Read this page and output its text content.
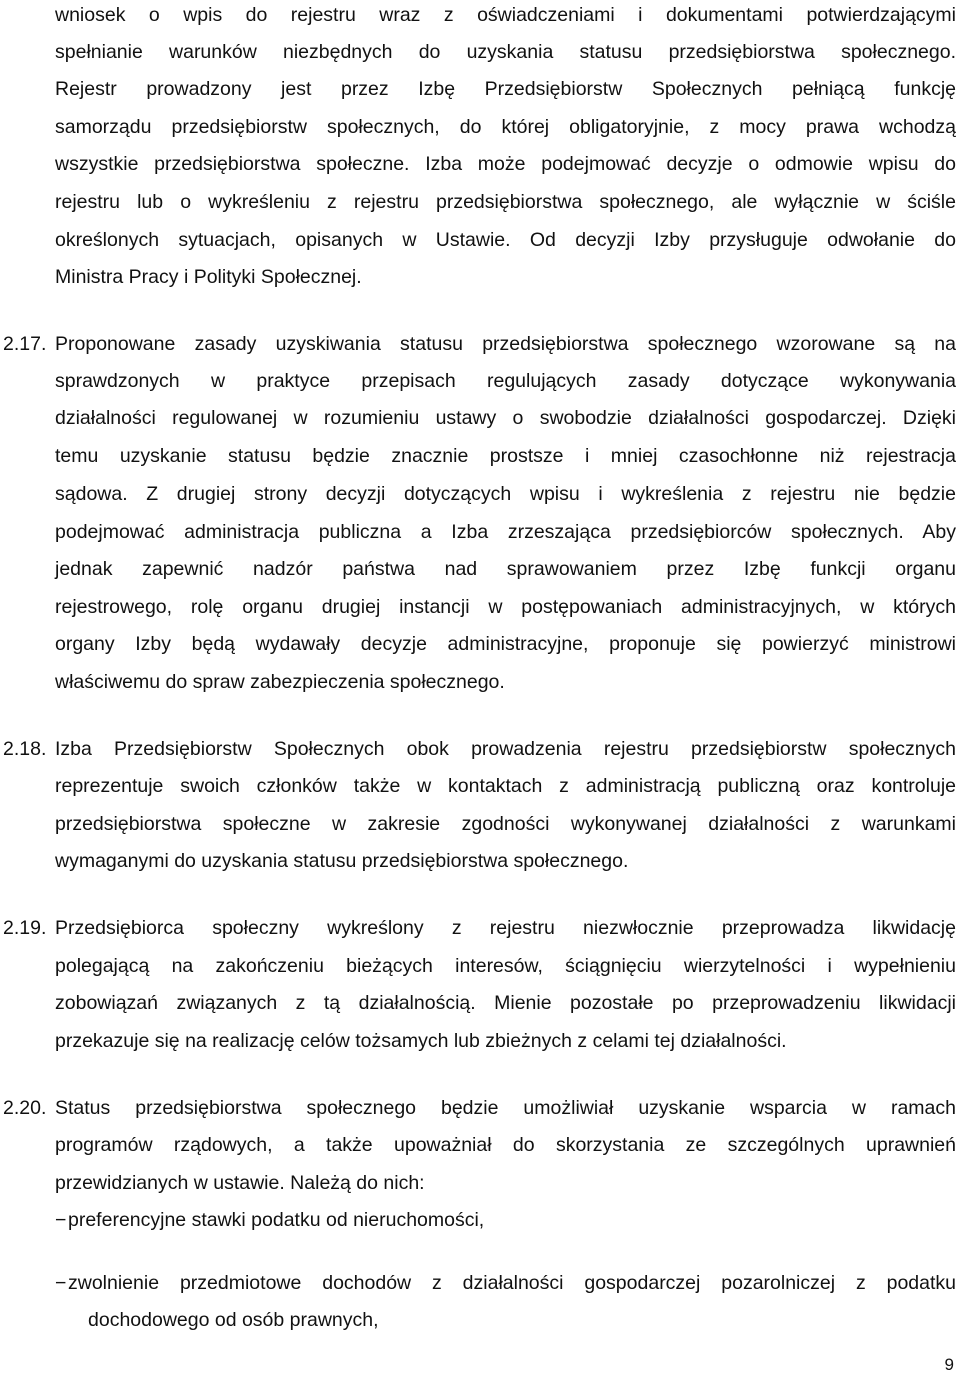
wniosek o wpis do rejestru wraz z oświadczeniami i dokumentami potwierdzającymi
spełnianie warunków niezbędnych do uzyskania statusu przedsiębiorstwa społecznego.
Rejestr prowadzony jest przez Izbę Przedsiębiorstw Społecznych pełniącą funkcję
samorządu przedsiębiorstw społecznych, do której obligatoryjnie, z mocy prawa wchodzą
wszystkie przedsiębiorstwa społeczne. Izba może podejmować decyzje o odmowie wpisu do
rejestru lub o wykreśleniu z rejestru przedsiębiorstwa społecznego, ale wyłącznie w ściśle
określonych sytuacjach, opisanych w Ustawie. Od decyzji Izby przysługuje odwołanie do
Ministra Pracy i Polityki Społecznej.
2.17. Proponowane zasady uzyskiwania statusu przedsiębiorstwa społecznego wzorowane są na
sprawdzonych w praktyce przepisach regulujących zasady dotyczące wykonywania
działalności regulowanej w rozumieniu ustawy o swobodzie działalności gospodarczej. Dzięki
temu uzyskanie statusu będzie znacznie prostsze i mniej czasochłonne niż rejestracja
sądowa. Z drugiej strony decyzji dotyczących wpisu i wykreślenia z rejestru nie będzie
podejmować administracja publiczna a Izba zrzeszająca przedsiębiorców społecznych. Aby
jednak zapewnić nadzór państwa nad sprawowaniem przez Izbę funkcji organu
rejestrowego, rolę organu drugiej instancji w postępowaniach administracyjnych, w których
organy Izby będą wydawały decyzje administracyjne, proponuje się powierzyć ministrowi
właściwemu do spraw zabezpieczenia społecznego.
2.18. Izba Przedsiębiorstw Społecznych obok prowadzenia rejestru przedsiębiorstw społecznych
reprezentuje swoich członków także w kontaktach z administracją publiczną oraz kontroluje
przedsiębiorstwa społeczne w zakresie zgodności wykonywanej działalności z warunkami
wymaganymi do uzyskania statusu przedsiębiorstwa społecznego.
2.19. Przedsiębiorca społeczny wykreślony z rejestru niezwłocznie przeprowadza likwidację
polegającą na zakończeniu bieżących interesów, ściągnięciu wierzytelności i wypełnieniu
zobowiązań związanych z tą działalnością. Mienie pozostałe po przeprowadzeniu likwidacji
przekazuje się na realizację celów tożsamych lub zbieżnych z celami tej działalności.
2.20. Status przedsiębiorstwa społecznego będzie umożliwiał uzyskanie wsparcia w ramach
programów rządowych, a także upoważniał do skorzystania ze szczególnych uprawnień
przewidzianych w ustawie. Należą do nich:
− preferencyjne stawki podatku od nieruchomości,
− zwolnienie przedmiotowe dochodów z działalności gospodarczej pozarolniczej z podatku
dochodowego od osób prawnych,
9
